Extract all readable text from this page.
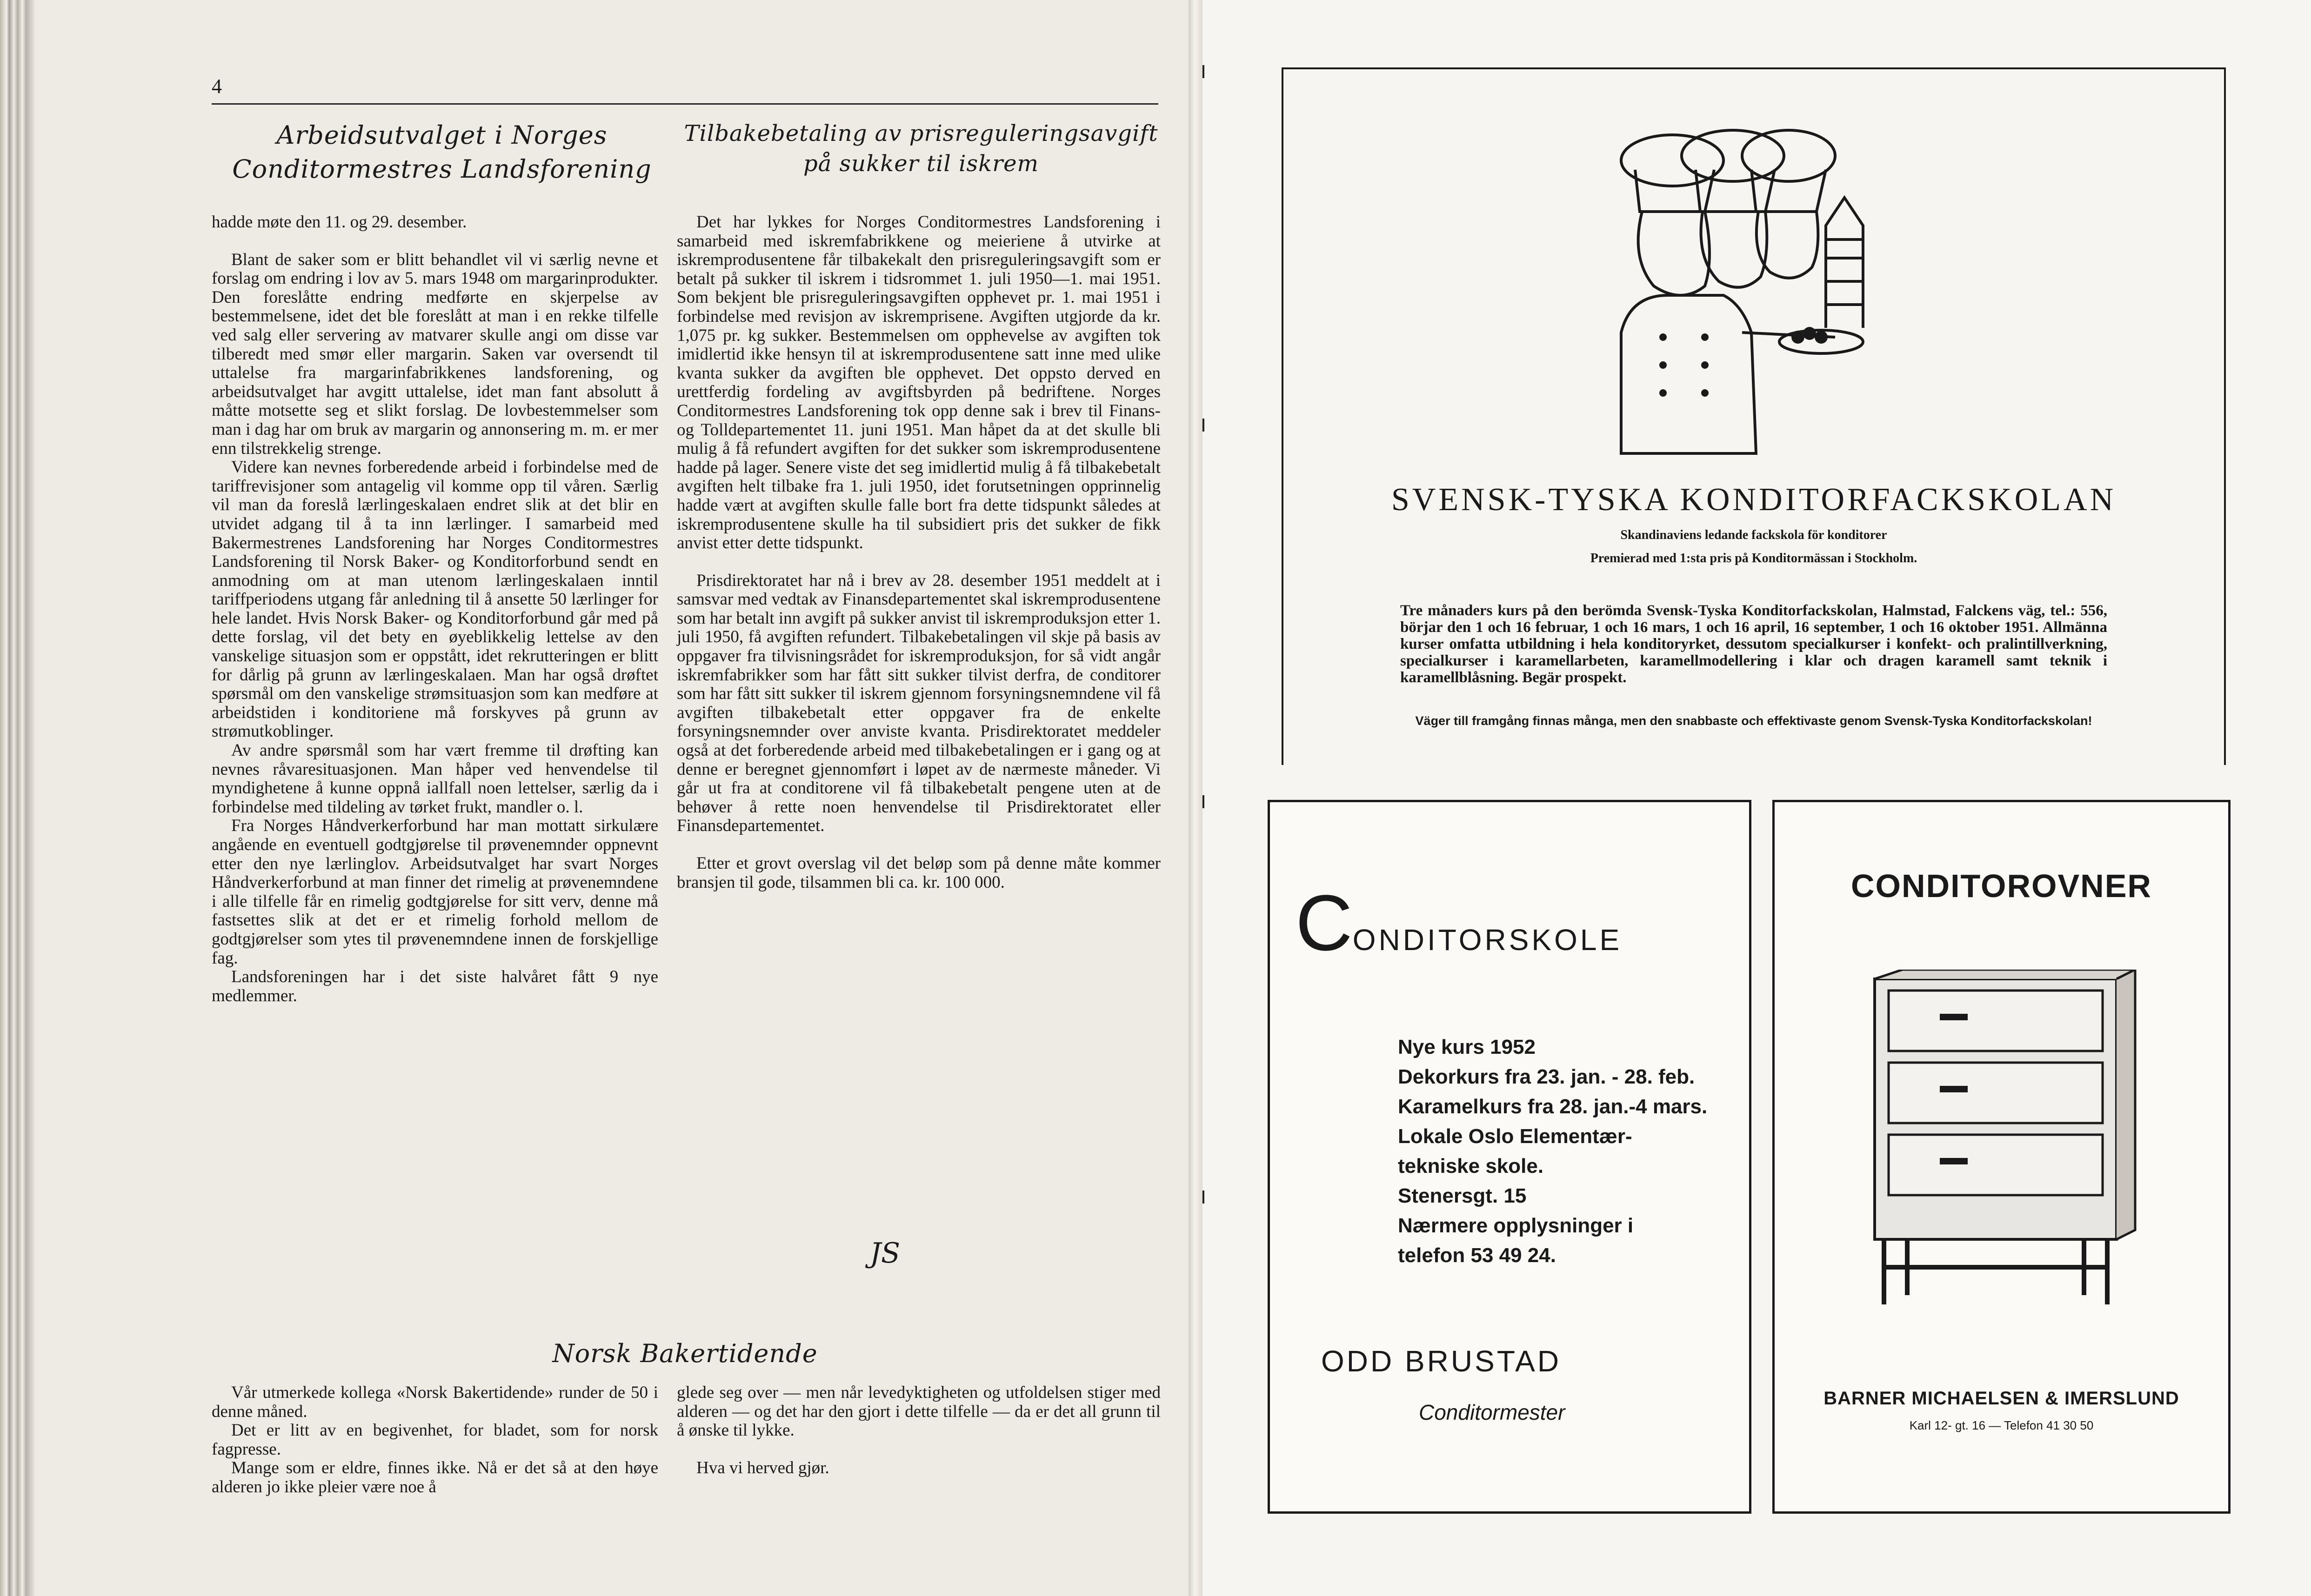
4

Arbeidsutvalget i Norges

Conditormestres Landsforening

hadde møte den 11. og 29. desember.

Blant de saker som er blitt behandlet vil vi særlig nevne et forslag om endring i lov av 5. mars 1948 om margarinprodukter. Den foreslåtte endring medførte en skjerpelse av bestemmelsene, idet det ble foreslått at man i en rekke tilfelle ved salg eller servering av matvarer skulle angi om disse var tilberedt med smør eller margarin. Saken var oversendt til uttalelse fra margarinfabrikkenes landsforening, og arbeidsutvalget har avgitt uttalelse, idet man fant absolutt å måtte motsette seg et slikt forslag. De lovbestemmelser som man i dag har om bruk av margarin og annonsering m. m. er mer enn tilstrekkelig strenge.

Videre kan nevnes forberedende arbeid i forbindelse med de tariffrevisjoner som antagelig vil komme opp til våren. Særlig vil man da foreslå lærlingeskalaen endret slik at det blir en utvidet adgang til å ta inn lærlinger. I samarbeid med Bakermestrenes Landsforening har Norges Conditormestres Landsforening til Norsk Baker- og Konditorforbund sendt en anmodning om at man utenom lærlingeskalaen inntil tariffperiodens utgang får anledning til å ansette 50 lærlinger for hele landet. Hvis Norsk Baker- og Konditorforbund går med på dette forslag, vil det bety en øyeblikkelig lettelse av den vanskelige situasjon som er oppstått, idet rekrutteringen er blitt for dårlig på grunn av lærlingeskalaen. Man har også drøftet spørsmål om den vanskelige strømsituasjon som kan medføre at arbeidstiden i konditoriene må forskyves på grunn av strømutkoblinger.

Av andre spørsmål som har vært fremme til drøfting kan nevnes råvaresituasjonen. Man håper ved henvendelse til myndighetene å kunne oppnå iallfall noen lettelser, særlig da i forbindelse med tildeling av tørket frukt, mandler o. l.

Fra Norges Håndverkerforbund har man mottatt sirkulære angående en eventuell godtgjørelse til prøvenemnder oppnevnt etter den nye lærlinglov. Arbeidsutvalget har svart Norges Håndverkerforbund at man finner det rimelig at prøvenemndene i alle tilfelle får en rimelig godtgjørelse for sitt verv, denne må fastsettes slik at det er et rimelig forhold mellom de godtgjørelser som ytes til prøvenemndene innen de forskjellige fag.

Landsforeningen har i det siste halvåret fått 9 nye medlemmer.

Tilbakebetaling av prisreguleringsavgift

på sukker til iskrem

Det har lykkes for Norges Conditormestres Landsforening i samarbeid med iskremfabrikkene og meieriene å utvirke at iskremprodusentene får tilbakekalt den prisreguleringsavgift som er betalt på sukker til iskrem i tidsrommet 1. juli 1950—1. mai 1951. Som bekjent ble prisreguleringsavgiften opphevet pr. 1. mai 1951 i forbindelse med revisjon av iskremprisene. Avgiften utgjorde da kr. 1,075 pr. kg sukker. Bestemmelsen om opphevelse av avgiften tok imidlertid ikke hensyn til at iskremprodusentene satt inne med ulike kvanta sukker da avgiften ble opphevet. Det oppsto derved en urettferdig fordeling av avgiftsbyrden på bedriftene. Norges Conditormestres Landsforening tok opp denne sak i brev til Finans- og Tolldepartementet 11. juni 1951. Man håpet da at det skulle bli mulig å få refundert avgiften for det sukker som iskremprodusentene hadde på lager. Senere viste det seg imidlertid mulig å få tilbakebetalt avgiften helt tilbake fra 1. juli 1950, idet forutsetningen opprinnelig hadde vært at avgiften skulle falle bort fra dette tidspunkt således at iskremprodusentene skulle ha til subsidiert pris det sukker de fikk anvist etter dette tidspunkt.

Prisdirektoratet har nå i brev av 28. desember 1951 meddelt at i samsvar med vedtak av Finansdepartementet skal iskremprodusentene som har betalt inn avgift på sukker anvist til iskremproduksjon etter 1. juli 1950, få avgiften refundert. Tilbakebetalingen vil skje på basis av oppgaver fra tilvisningsrådet for iskremproduksjon, for så vidt angår iskremfabrikker som har fått sitt sukker tilvist derfra, de conditorer som har fått sitt sukker til iskrem gjennom forsyningsnemndene vil få avgiften tilbakebetalt etter oppgaver fra de enkelte forsyningsnemnder over anviste kvanta. Prisdirektoratet meddeler også at det forberedende arbeid med tilbakebetalingen er i gang og at denne er beregnet gjennomført i løpet av de nærmeste måneder. Vi går ut fra at conditorene vil få tilbakebetalt pengene uten at de behøver å rette noen henvendelse til Prisdirektoratet eller Finansdepartementet.

Etter et grovt overslag vil det beløp som på denne måte kommer bransjen til gode, tilsammen bli ca. kr. 100 000.

JS

Norsk Bakertidende

Vår utmerkede kollega «Norsk Bakertidende» runder de 50 i denne måned.

Det er litt av en begivenhet, for bladet, som for norsk fagpresse.

Mange som er eldre, finnes ikke. Nå er det så at den høye alderen jo ikke pleier være noe å

glede seg over — men når levedyktigheten og utfoldelsen stiger med alderen — og det har den gjort i dette tilfelle — da er det all grunn til å ønske til lykke.

Hva vi herved gjør.

SVENSK-TYSKA KONDITORFACKSKOLAN
Skandinaviens ledande fackskola för konditorer
Premierad med 1:sta pris på Konditormässan i Stockholm.
Tre månaders kurs på den berömda Svensk-Tyska Konditorfackskolan, Halmstad, Falckens väg, tel.: 556, börjar den 1 och 16 februar, 1 och 16 mars, 1 och 16 april, 16 september, 1 och 16 oktober 1951. Allmänna kurser omfatta utbildning i hela konditoryrket, dessutom specialkurser i konfekt- och pralintillverkning, specialkurser i karamellarbeten, karamellmodellering i klar och dragen karamell samt teknik i karamellblåsning. Begär prospekt.
Väger till framgång finnas många, men den snabbaste och effektivaste genom Svensk-Tyska Konditorfackskolan!
CONDITORSKOLE
Nye kurs 1952
Dekorkurs fra 23. jan. - 28. feb.
Karamelkurs fra 28. jan.-4 mars.
Lokale Oslo Elementær-
tekniske skole.
Stenersgt. 15
Nærmere opplysninger i
telefon 53 49 24.
ODD BRUSTAD
Conditormester
CONDITOROVNER
BARNER MICHAELSEN & IMERSLUND
Karl 12- gt. 16 — Telefon 41 30 50
